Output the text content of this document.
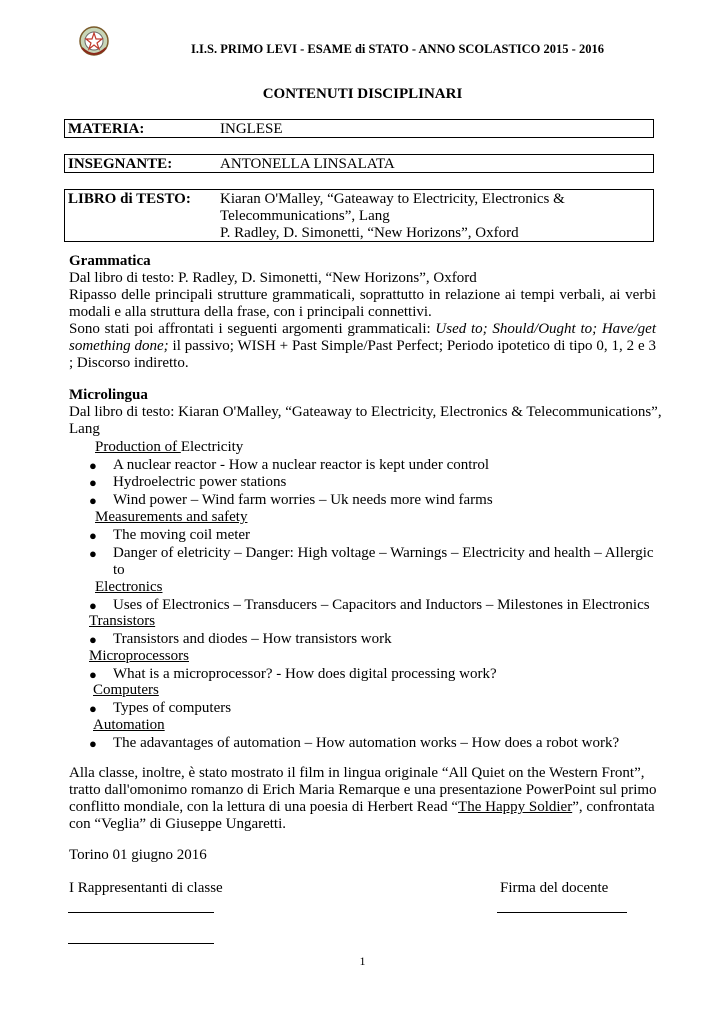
I.I.S. PRIMO LEVI - ESAME di STATO - ANNO SCOLASTICO 2015 - 2016
CONTENUTI DISCIPLINARI
MATERIA:	INGLESE
INSEGNANTE:	ANTONELLA LINSALATA
LIBRO di TESTO: Kiaran O'Malley, “Gateaway to Electricity, Electronics &
Telecommunications”, Lang
P. Radley, D. Simonetti, “New Horizons”, Oxford
Grammatica
Dal libro di testo: P. Radley, D. Simonetti, “New Horizons”, Oxford
Ripasso delle principali strutture grammaticali, soprattutto in relazione ai tempi verbali, ai verbi modali e alla struttura della frase, con i principali connettivi.
Sono stati poi affrontati i seguenti argomenti grammaticali: Used to; Should/Ought to; Have/get something done; il passivo; WISH + Past Simple/Past Perfect; Periodo ipotetico di tipo 0, 1, 2 e 3 ; Discorso indiretto.
Microlingua
Dal libro di testo: Kiaran O'Malley, “Gateaway to Electricity, Electronics & Telecommunications”,
Lang
Production of Electricity
● A nuclear reactor - How a nuclear reactor is kept under control
● Hydroelectric power stations
● Wind power – Wind farm worries – Uk needs more wind farms
Measurements and safety
● The moving coil meter
● Danger of eletricity – Danger: High voltage – Warnings – Electricity and health – Allergic
to
Electronics
● Uses of Electronics – Transducers – Capacitors and Inductors – Milestones in Electronics
Transistors
● Transistors and diodes – How transistors work
Microprocessors
● What is a microprocessor? - How does digital processing work?
Computers
● Types of computers
Automation
● The adavantages of automation – How automation works – How does a robot work?
Alla classe, inoltre, è stato mostrato il film in lingua originale “All Quiet on the Western Front”,
tratto dall'omonimo romanzo di Erich Maria Remarque e una presentazione PowerPoint sul primo
conflitto mondiale, con la lettura di una poesia di Herbert Read “The Happy Soldier”, confrontata
con “Veglia” di Giuseppe Ungaretti.
Torino 01 giugno 2016
I Rappresentanti di classe	Firma del docente
1
